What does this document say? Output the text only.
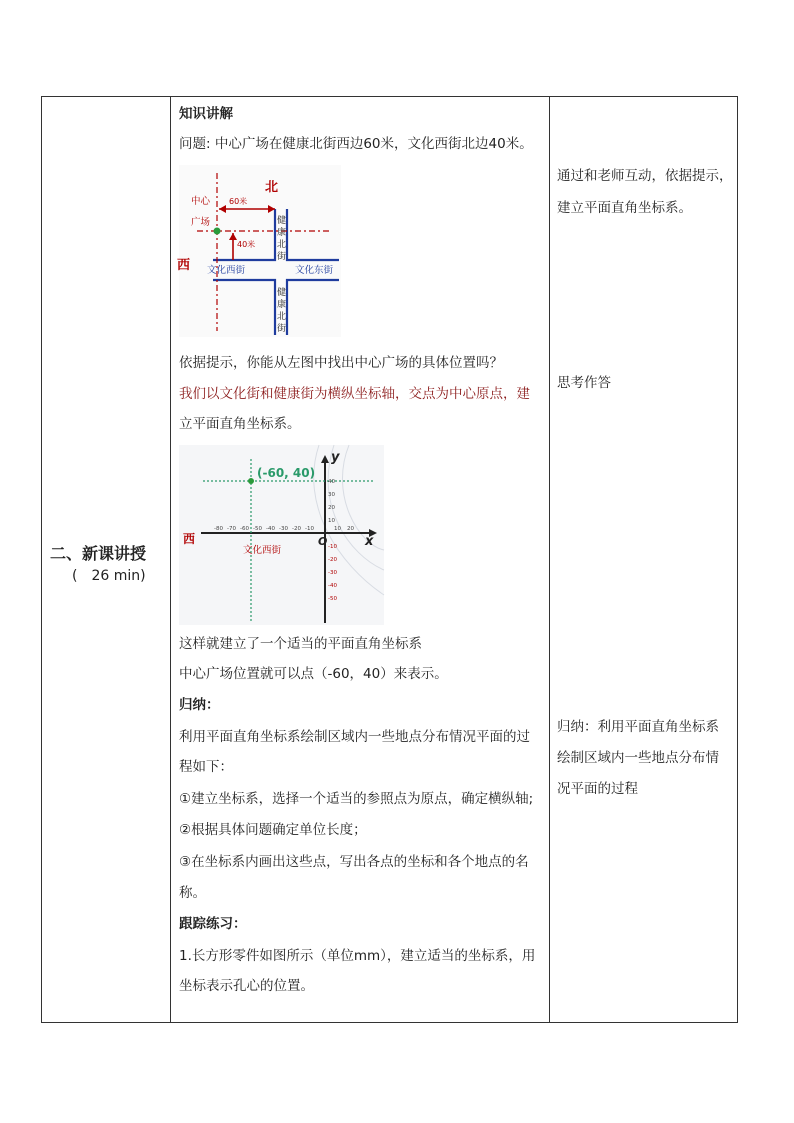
二、新课讲授
(　26 min)
知识讲解
问题: 中心广场在健康北街西边60米，文化西街北边40米。
北
西
中心
广场
60米
40米
健
康
北
街
健
康
北
街
文化西街	文化东街
依据提示，你能从左图中找出中心广场的具体位置吗？
我们以文化街和健康街为横纵坐标轴，交点为中心原点，建
立平面直角坐标系。
-80 -70 -60 -50 -40 -30 -20 -10	10 20
40
30
20
10
-10
-20
-30
-40
-50
(-60, 40)
西
文化西街
y
x
O
这样就建立了一个适当的平面直角坐标系
中心广场位置就可以点（-60，40）来表示。
归纳：
利用平面直角坐标系绘制区域内一些地点分布情况平面的过
程如下：
①建立坐标系，选择一个适当的参照点为原点，确定横纵轴;
②根据具体问题确定单位长度；
③在坐标系内画出这些点，写出各点的坐标和各个地点的名
称。
跟踪练习：
1.长方形零件如图所示（单位mm），建立适当的坐标系，用
坐标表示孔心的位置。
通过和老师互动，依据提示，
建立平面直角坐标系。
思考作答
归纳：利用平面直角坐标系
绘制区域内一些地点分布情
况平面的过程
